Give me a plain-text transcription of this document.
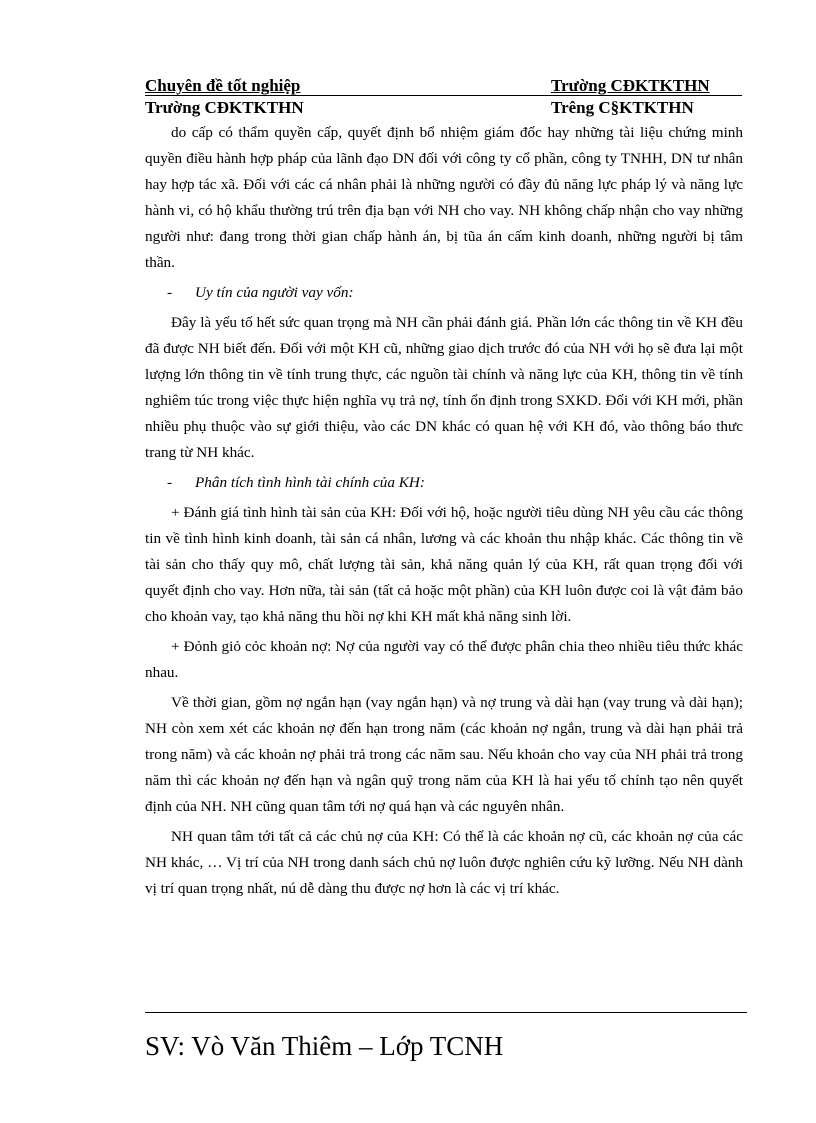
Chuyên đề tốt nghiệp	Trường CĐKTKTHN
Trường CĐKTKTHN	Trêng C§KTKTHN

do cấp có thẩm quyền cấp, quyết định bổ nhiệm giám đốc hay những tài liệu chứng minh quyền điều hành hợp pháp của lãnh đạo DN đối với công ty cổ phần, công ty TNHH, DN tư nhân hay hợp tác xã. Đối với các cá nhân phải là những người có đầy đủ năng lực pháp lý và năng lực hành vi, có hộ khẩu thường trú trên địa bạn với NH cho vay. NH không chấp nhận cho vay những người như: đang trong thời gian chấp hành án, bị tũa án cấm kinh doanh, những người bị tâm thần.

- Uy tín của người vay vốn:

Đây là yếu tố hết sức quan trọng mà NH cần phải đánh giá. Phần lớn các thông tin về KH đều đã được NH biết đến. Đối với một KH cũ, những giao dịch trước đó của NH với họ sẽ đưa lại một lượng lớn thông tin về tính trung thực, các nguồn tài chính và năng lực của KH, thông tin về tính nghiêm túc trong việc thực hiện nghĩa vụ trả nợ, tính ổn định trong SXKD. Đối với KH mới, phần nhiều phụ thuộc vào sự giới thiệu, vào các DN khác có quan hệ với KH đó, vào thông báo thưc trang từ NH khác.

- Phân tích tình hình tài chính của KH:

+ Đánh giá tình hình tài sản của KH: Đối với hộ, hoặc người tiêu dùng NH yêu cầu các thông tin về tình hình kinh doanh, tài sản cá nhân, lương và các khoản thu nhập khác. Các thông tin về tài sản cho thấy quy mô, chất lượng tài sản, khả năng quản lý của KH, rất quan trọng đối với quyết định cho vay. Hơn nữa, tài sản (tất cả hoặc một phần) của KH luôn được coi là vật đảm bảo cho khoản vay, tạo khả năng thu hồi nợ khi KH mất khả năng sinh lời.

+ Đỏnh giỏ cỏc khoản nợ: Nợ của người vay có thể được phân chia theo nhiều tiêu thức khác nhau.

Về thời gian, gồm nợ ngắn hạn (vay ngắn hạn) và nợ trung và dài hạn (vay trung và dài hạn); NH còn xem xét các khoản nợ đến hạn trong năm (các khoản nợ ngắn, trung và dài hạn phải trả trong năm) và các khoản nợ phải trả trong các năm sau. Nếu khoản cho vay của NH phải trả trong năm thì các khoản nợ đến hạn và ngân quỹ trong năm của KH là hai yếu tố chính tạo nên quyết định của NH. NH cũng quan tâm tới nợ quá hạn và các nguyên nhân.

NH quan tâm tới tất cả các chủ nợ của KH: Có thể là các khoản nợ cũ, các khoản nợ của các NH khác, … Vị trí của NH trong danh sách chủ nợ luôn được nghiên cứu kỹ lưỡng. Nếu NH dành vị trí quan trọng nhất, nú dễ dàng thu được nợ hơn là các vị trí khác.

SV: Vò Văn Thiêm – Lớp TCNH
